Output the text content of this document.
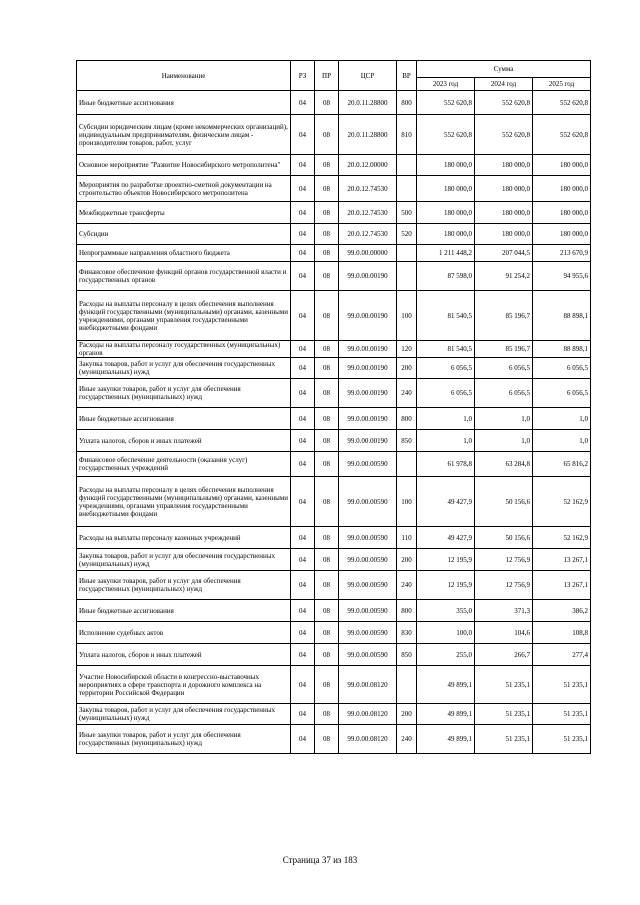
Наименование	РЗ	ПР	ЦСР	ВР	Сумма		
					2023 год	2024 год	2025 год
Иные бюджетные ассигнования	04	08	20.0.11.28800	800	552 620,8	552 620,8	552 620,8
Субсидии юридическим лицам (кроме некоммерческих организаций), индивидуальным предпринимателям, физическим лицам - производителям товаров, работ, услуг	04	08	20.0.11.28800	810	552 620,8	552 620,8	552 620,8
Основное мероприятие "Развитие Новосибирского метрополитена"	04	08	20.0.12.00000		180 000,0	180 000,0	180 000,0
Мероприятия по разработке проектно-сметной документации на строительство объектов Новосибирского метрополитена	04	08	20.0.12.74530		180 000,0	180 000,0	180 000,0
Межбюджетные трансферты	04	08	20.0.12.74530	500	180 000,0	180 000,0	180 000,0
Субсидии	04	08	20.0.12.74530	520	180 000,0	180 000,0	180 000,0
Непрограммные направления областного бюджета	04	08	99.0.00.00000		1 211 448,2	207 044,5	213 670,9
Финансовое обеспечение функций органов государственной власти и государственных органов	04	08	99.0.00.00190		87 598,0	91 254,2	94 955,6
Расходы на выплаты персоналу в целях обеспечения выполнения функций государственными (муниципальными) органами, казенными учреждениями, органами управления государственными внебюджетными фондами	04	08	99.0.00.00190	100	81 540,5	85 196,7	88 898,1
Расходы на выплаты персоналу государственных (муниципальных) органов	04	08	99.0.00.00190	120	81 540,5	85 196,7	88 898,1
Закупка товаров, работ и услуг для обеспечения государственных (муниципальных) нужд	04	08	99.0.00.00190	200	6 056,5	6 056,5	6 056,5
Иные закупки товаров, работ и услуг для обеспечения государственных (муниципальных) нужд	04	08	99.0.00.00190	240	6 056,5	6 056,5	6 056,5
Иные бюджетные ассигнования	04	08	99.0.00.00190	800	1,0	1,0	1,0
Уплата налогов, сборов и иных платежей	04	08	99.0.00.00190	850	1,0	1,0	1,0
Финансовое обеспечение деятельности (оказания услуг) государственных учреждений	04	08	99.0.00.00590		61 978,8	63 284,8	65 816,2
Расходы на выплаты персоналу в целях обеспечения выполнения функций государственными (муниципальными) органами, казенными учреждениями, органами управления государственными внебюджетными фондами	04	08	99.0.00.00590	100	49 427,9	50 156,6	52 162,9
Расходы на выплаты персоналу казенных учреждений	04	08	99.0.00.00590	110	49 427,9	50 156,6	52 162,9
Закупка товаров, работ и услуг для обеспечения государственных (муниципальных) нужд	04	08	99.0.00.00590	200	12 195,9	12 756,9	13 267,1
Иные закупки товаров, работ и услуг для обеспечения государственных (муниципальных) нужд	04	08	99.0.00.00590	240	12 195,9	12 756,9	13 267,1
Иные бюджетные ассигнования	04	08	99.0.00.00590	800	355,0	371,3	386,2
Исполнение судебных актов	04	08	99.0.00.00590	830	100,0	104,6	108,8
Уплата налогов, сборов и иных платежей	04	08	99.0.00.00590	850	255,0	266,7	277,4
Участие Новосибирской области в конгрессно-выставочных мероприятиях в сфере транспорта и дорожного комплекса на территории Российской Федерации	04	08	99.0.00.08120		49 899,1	51 235,1	51 235,1
Закупка товаров, работ и услуг для обеспечения государственных (муниципальных) нужд	04	08	99.0.00.08120	200	49 899,1	51 235,1	51 235,1
Иные закупки товаров, работ и услуг для обеспечения государственных (муниципальных) нужд	04	08	99.0.00.08120	240	49 899,1	51 235,1	51 235,1
Страница 37 из 183
